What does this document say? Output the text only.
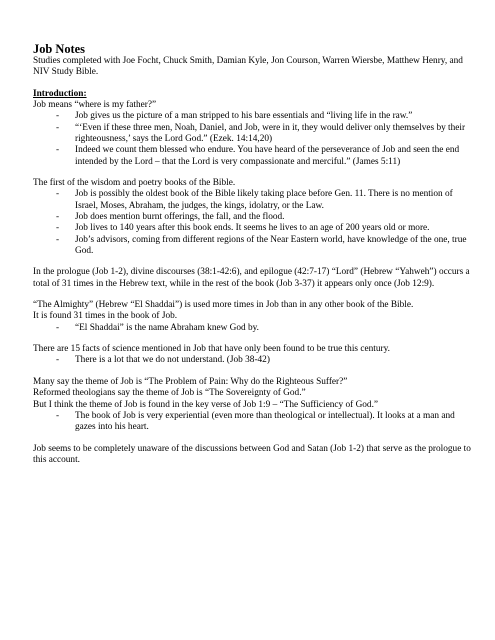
Job Notes

Studies completed with Joe Focht, Chuck Smith, Damian Kyle, Jon Courson, Warren Wiersbe, Matthew Henry, and NIV Study Bible.

Introduction:

Job means “where is my father?”

- Job gives us the picture of a man stripped to his bare essentials and “living life in the raw.”
- “‘Even if these three men, Noah, Daniel, and Job, were in it, they would deliver only themselves by their righteousness,’ says the Lord God.” (Ezek. 14:14,20)
- Indeed we count them blessed who endure. You have heard of the perseverance of Job and seen the end intended by the Lord – that the Lord is very compassionate and merciful.” (James 5:11)

The first of the wisdom and poetry books of the Bible.

- Job is possibly the oldest book of the Bible likely taking place before Gen. 11. There is no mention of Israel, Moses, Abraham, the judges, the kings, idolatry, or the Law.
- Job does mention burnt offerings, the fall, and the flood.
- Job lives to 140 years after this book ends. It seems he lives to an age of 200 years old or more.
- Job’s advisors, coming from different regions of the Near Eastern world, have knowledge of the one, true God.

In the prologue (Job 1-2), divine discourses (38:1-42:6), and epilogue (42:7-17) “Lord” (Hebrew “Yahweh”) occurs a total of 31 times in the Hebrew text, while in the rest of the book (Job 3-37) it appears only once (Job 12:9).

“The Almighty” (Hebrew “El Shaddai”) is used more times in Job than in any other book of the Bible.

It is found 31 times in the book of Job.

- “El Shaddai” is the name Abraham knew God by.

There are 15 facts of science mentioned in Job that have only been found to be true this century.

- There is a lot that we do not understand. (Job 38-42)

Many say the theme of Job is “The Problem of Pain: Why do the Righteous Suffer?”

Reformed theologians say the theme of Job is “The Sovereignty of God.”

But I think the theme of Job is found in the key verse of Job 1:9 – “The Sufficiency of God.”

- The book of Job is very experiential (even more than theological or intellectual). It looks at a man and gazes into his heart.

Job seems to be completely unaware of the discussions between God and Satan (Job 1-2) that serve as the prologue to this account.
